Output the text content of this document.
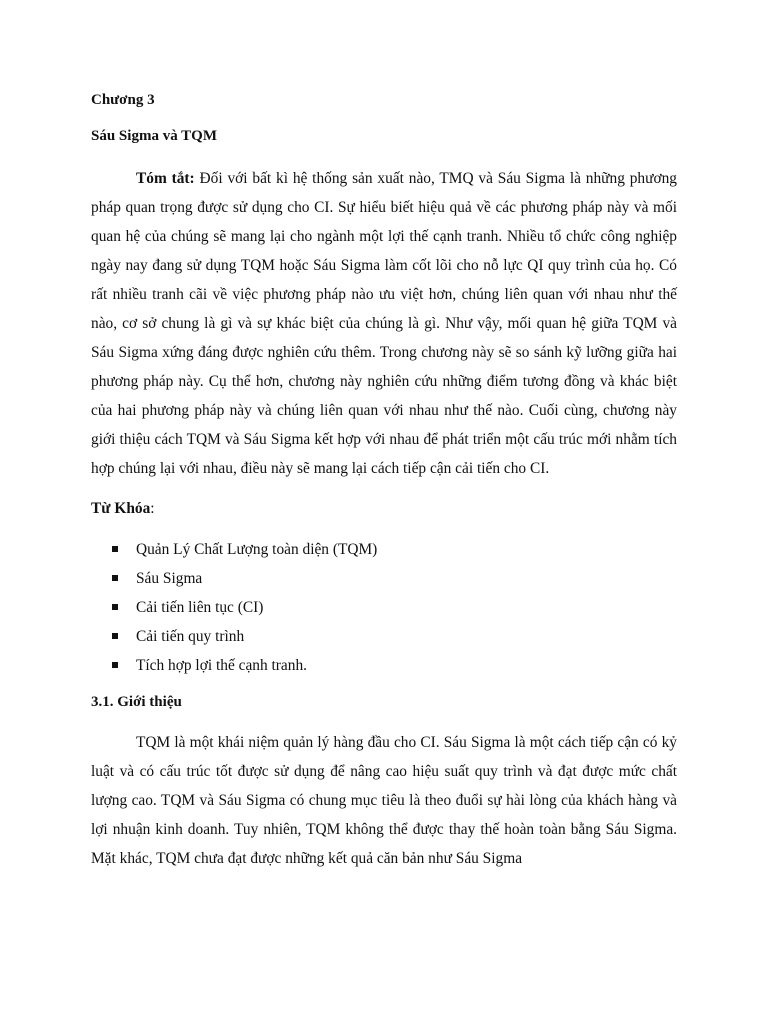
Chương 3
Sáu Sigma và TQM

Tóm tắt: Đối với bất kì hệ thống sản xuất nào, TMQ và Sáu Sigma là những phương pháp quan trọng được sử dụng cho CI. Sự hiểu biết hiệu quả về các phương pháp này và mối quan hệ của chúng sẽ mang lại cho ngành một lợi thế cạnh tranh. Nhiều tổ chức công nghiệp ngày nay đang sử dụng TQM hoặc Sáu Sigma làm cốt lõi cho nỗ lực QI quy trình của họ. Có rất nhiều tranh cãi về việc phương pháp nào ưu việt hơn, chúng liên quan với nhau như thế nào, cơ sở chung là gì và sự khác biệt của chúng là gì. Như vậy, mối quan hệ giữa TQM và Sáu Sigma xứng đáng được nghiên cứu thêm. Trong chương này sẽ so sánh kỹ lưỡng giữa hai phương pháp này. Cụ thể hơn, chương này nghiên cứu những điểm tương đồng và khác biệt của hai phương pháp này và chúng liên quan với nhau như thế nào. Cuối cùng, chương này giới thiệu cách TQM và Sáu Sigma kết hợp với nhau để phát triển một cấu trúc mới nhằm tích hợp chúng lại với nhau, điều này sẽ mang lại cách tiếp cận cải tiến cho CI.

Từ Khóa:
Quản Lý Chất Lượng toàn diện (TQM)
Sáu Sigma
Cải tiến liên tục (CI)
Cải tiến quy trình
Tích hợp lợi thế cạnh tranh.
3.1. Giới thiệu

TQM là một khái niệm quản lý hàng đầu cho CI. Sáu Sigma là một cách tiếp cận có kỷ luật và có cấu trúc tốt được sử dụng để nâng cao hiệu suất quy trình và đạt được mức chất lượng cao. TQM và Sáu Sigma có chung mục tiêu là theo đuổi sự hài lòng của khách hàng và lợi nhuận kinh doanh. Tuy nhiên, TQM không thể được thay thế hoàn toàn bằng Sáu Sigma. Mặt khác, TQM chưa đạt được những kết quả căn bản như Sáu Sigma
